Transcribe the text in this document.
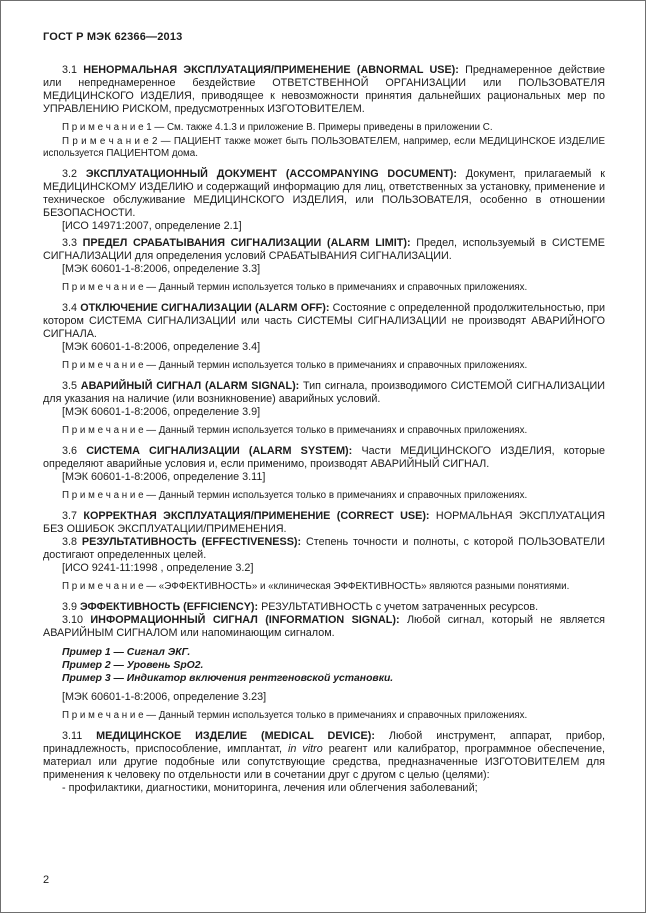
ГОСТ Р МЭК 62366—2013

3.1 НЕНОРМАЛЬНАЯ ЭКСПЛУАТАЦИЯ/ПРИМЕНЕНИЕ (ABNORMAL USE): Преднамеренное действие или непреднамеренное бездействие ОТВЕТСТВЕННОЙ ОРГАНИЗАЦИИ или ПОЛЬЗОВАТЕЛЯ МЕДИЦИНСКОГО ИЗДЕЛИЯ, приводящее к невозможности принятия дальнейших рациональных мер по УПРАВЛЕНИЮ РИСКОМ, предусмотренных ИЗГОТОВИТЕЛЕМ.

П р и м е ч а н и е 1 — См. также 4.1.3 и приложение В. Примеры приведены в приложении С.

П р и м е ч а н и е 2 — ПАЦИЕНТ также может быть ПОЛЬЗОВАТЕЛЕМ, например, если МЕДИЦИНСКОЕ ИЗДЕЛИЕ используется ПАЦИЕНТОМ дома.

3.2 ЭКСПЛУАТАЦИОННЫЙ ДОКУМЕНТ (ACCOMPANYING DOCUMENT): Документ, прилагаемый к МЕДИЦИНСКОМУ ИЗДЕЛИЮ и содержащий информацию для лиц, ответственных за установку, применение и техническое обслуживание МЕДИЦИНСКОГО ИЗДЕЛИЯ, или ПОЛЬЗОВАТЕЛЯ, особенно в отношении БЕЗОПАСНОСТИ.

[ИСО 14971:2007, определение 2.1]

3.3 ПРЕДЕЛ СРАБАТЫВАНИЯ СИГНАЛИЗАЦИИ (ALARM LIMIT): Предел, используемый в СИСТЕМЕ СИГНАЛИЗАЦИИ для определения условий СРАБАТЫВАНИЯ СИГНАЛИЗАЦИИ.

[МЭК 60601-1-8:2006, определение 3.3]

П р и м е ч а н и е — Данный термин используется только в примечаниях и справочных приложениях.

3.4 ОТКЛЮЧЕНИЕ СИГНАЛИЗАЦИИ (ALARM OFF): Состояние с определенной продолжительностью, при котором СИСТЕМА СИГНАЛИЗАЦИИ или часть СИСТЕМЫ СИГНАЛИЗАЦИИ не производят АВАРИЙНОГО СИГНАЛА.

[МЭК 60601-1-8:2006, определение 3.4]

П р и м е ч а н и е — Данный термин используется только в примечаниях и справочных приложениях.

3.5 АВАРИЙНЫЙ СИГНАЛ (ALARM SIGNAL): Тип сигнала, производимого СИСТЕМОЙ СИГНАЛИЗАЦИИ для указания на наличие (или возникновение) аварийных условий.

[МЭК 60601-1-8:2006, определение 3.9]

П р и м е ч а н и е — Данный термин используется только в примечаниях и справочных приложениях.

3.6 СИСТЕМА СИГНАЛИЗАЦИИ (ALARM SYSTEM): Части МЕДИЦИНСКОГО ИЗДЕЛИЯ, которые определяют аварийные условия и, если применимо, производят АВАРИЙНЫЙ СИГНАЛ.

[МЭК 60601-1-8:2006, определение 3.11]

П р и м е ч а н и е — Данный термин используется только в примечаниях и справочных приложениях.

3.7 КОРРЕКТНАЯ ЭКСПЛУАТАЦИЯ/ПРИМЕНЕНИЕ (CORRECT USE): НОРМАЛЬНАЯ ЭКСПЛУАТАЦИЯ БЕЗ ОШИБОК ЭКСПЛУАТАЦИИ/ПРИМЕНЕНИЯ.

3.8 РЕЗУЛЬТАТИВНОСТЬ (EFFECTIVENESS): Степень точности и полноты, с которой ПОЛЬЗОВАТЕЛИ достигают определенных целей.

[ИСО 9241-11:1998 , определение 3.2]

П р и м е ч а н и е — «ЭФФЕКТИВНОСТЬ» и «клиническая ЭФФЕКТИВНОСТЬ» являются разными понятиями.

3.9 ЭФФЕКТИВНОСТЬ (EFFICIENCY): РЕЗУЛЬТАТИВНОСТЬ с учетом затраченных ресурсов.

3.10 ИНФОРМАЦИОННЫЙ СИГНАЛ (INFORMATION SIGNAL): Любой сигнал, который не является АВАРИЙНЫМ СИГНАЛОМ или напоминающим сигналом.

Пример 1 — Сигнал ЭКГ.

Пример 2 — Уровень SpO2.

Пример 3 — Индикатор включения рентгеновской установки.

[МЭК 60601-1-8:2006, определение 3.23]

П р и м е ч а н и е — Данный термин используется только в примечаниях и справочных приложениях.

3.11 МЕДИЦИНСКОЕ ИЗДЕЛИЕ (MEDICAL DEVICE): Любой инструмент, аппарат, прибор, принадлежность, приспособление, имплантат, in vitro реагент или калибратор, программное обеспечение, материал или другие подобные или сопутствующие средства, предназначенные ИЗГОТОВИТЕЛЕМ для применения к человеку по отдельности или в сочетании друг с другом с целью (целями):

- профилактики, диагностики, мониторинга, лечения или облегчения заболеваний;

2
